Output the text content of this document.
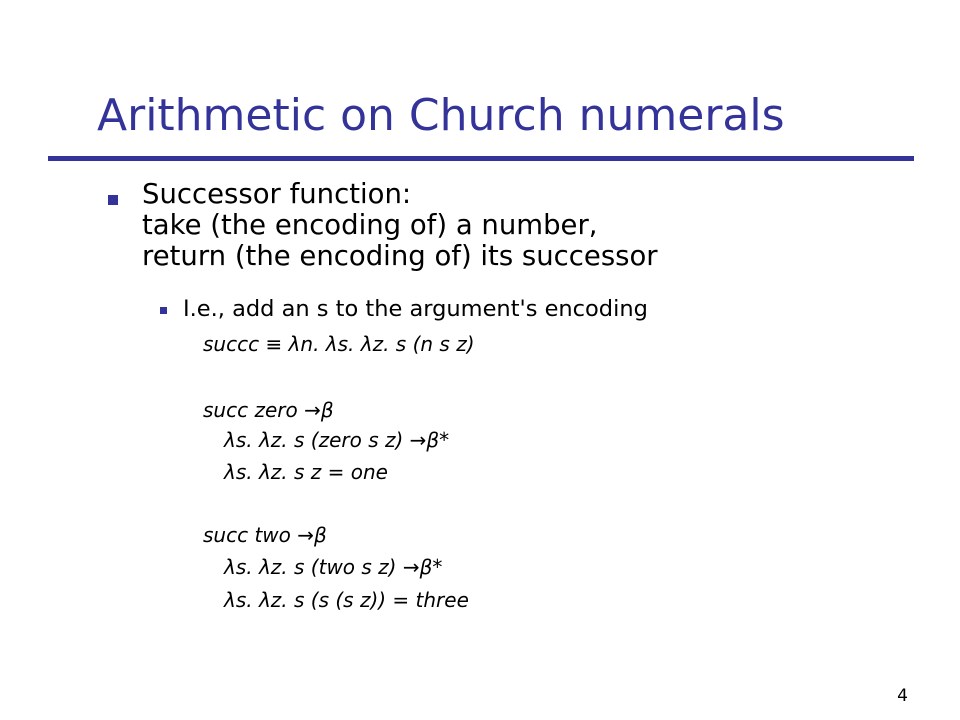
Arithmetic on Church numerals
Successor function:
take (the encoding of) a number,
return (the encoding of) its successor
I.e., add an s to the argument's encoding
succc ≡ λn. λs. λz. s (n s z)
succ zero →β
λs. λz. s (zero s z) →β*
λs. λz. s z = one
succ two →β
λs. λz. s (two s z) →β*
λs. λz. s (s (s z)) = three
4
